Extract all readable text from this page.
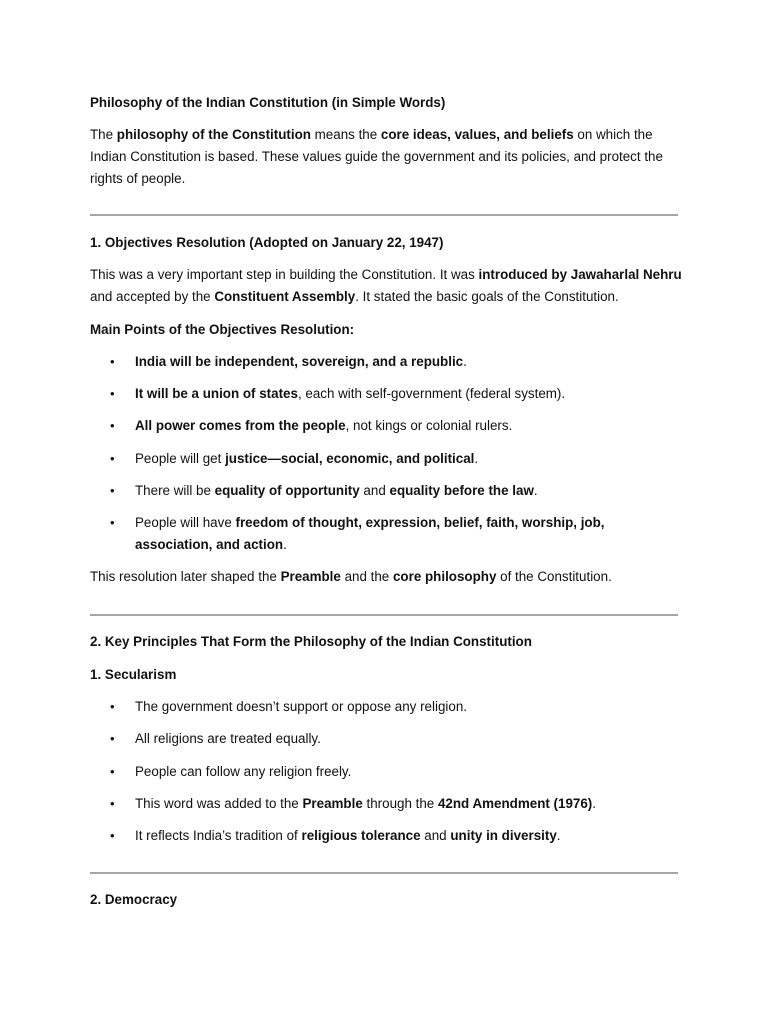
Philosophy of the Indian Constitution (in Simple Words)

The philosophy of the Constitution means the core ideas, values, and beliefs on which the Indian Constitution is based. These values guide the government and its policies, and protect the rights of people.

1. Objectives Resolution (Adopted on January 22, 1947)

This was a very important step in building the Constitution. It was introduced by Jawaharlal Nehru and accepted by the Constituent Assembly. It stated the basic goals of the Constitution.

Main Points of the Objectives Resolution:

•	India will be independent, sovereign, and a republic.

•	It will be a union of states, each with self-government (federal system).

•	All power comes from the people, not kings or colonial rulers.

•	People will get justice—social, economic, and political.

•	There will be equality of opportunity and equality before the law.

•	People will have freedom of thought, expression, belief, faith, worship, job, association, and action.

This resolution later shaped the Preamble and the core philosophy of the Constitution.

2. Key Principles That Form the Philosophy of the Indian Constitution

1. Secularism

•	The government doesn’t support or oppose any religion.

•	All religions are treated equally.

•	People can follow any religion freely.

•	This word was added to the Preamble through the 42nd Amendment (1976).

•	It reflects India’s tradition of religious tolerance and unity in diversity.

2. Democracy
